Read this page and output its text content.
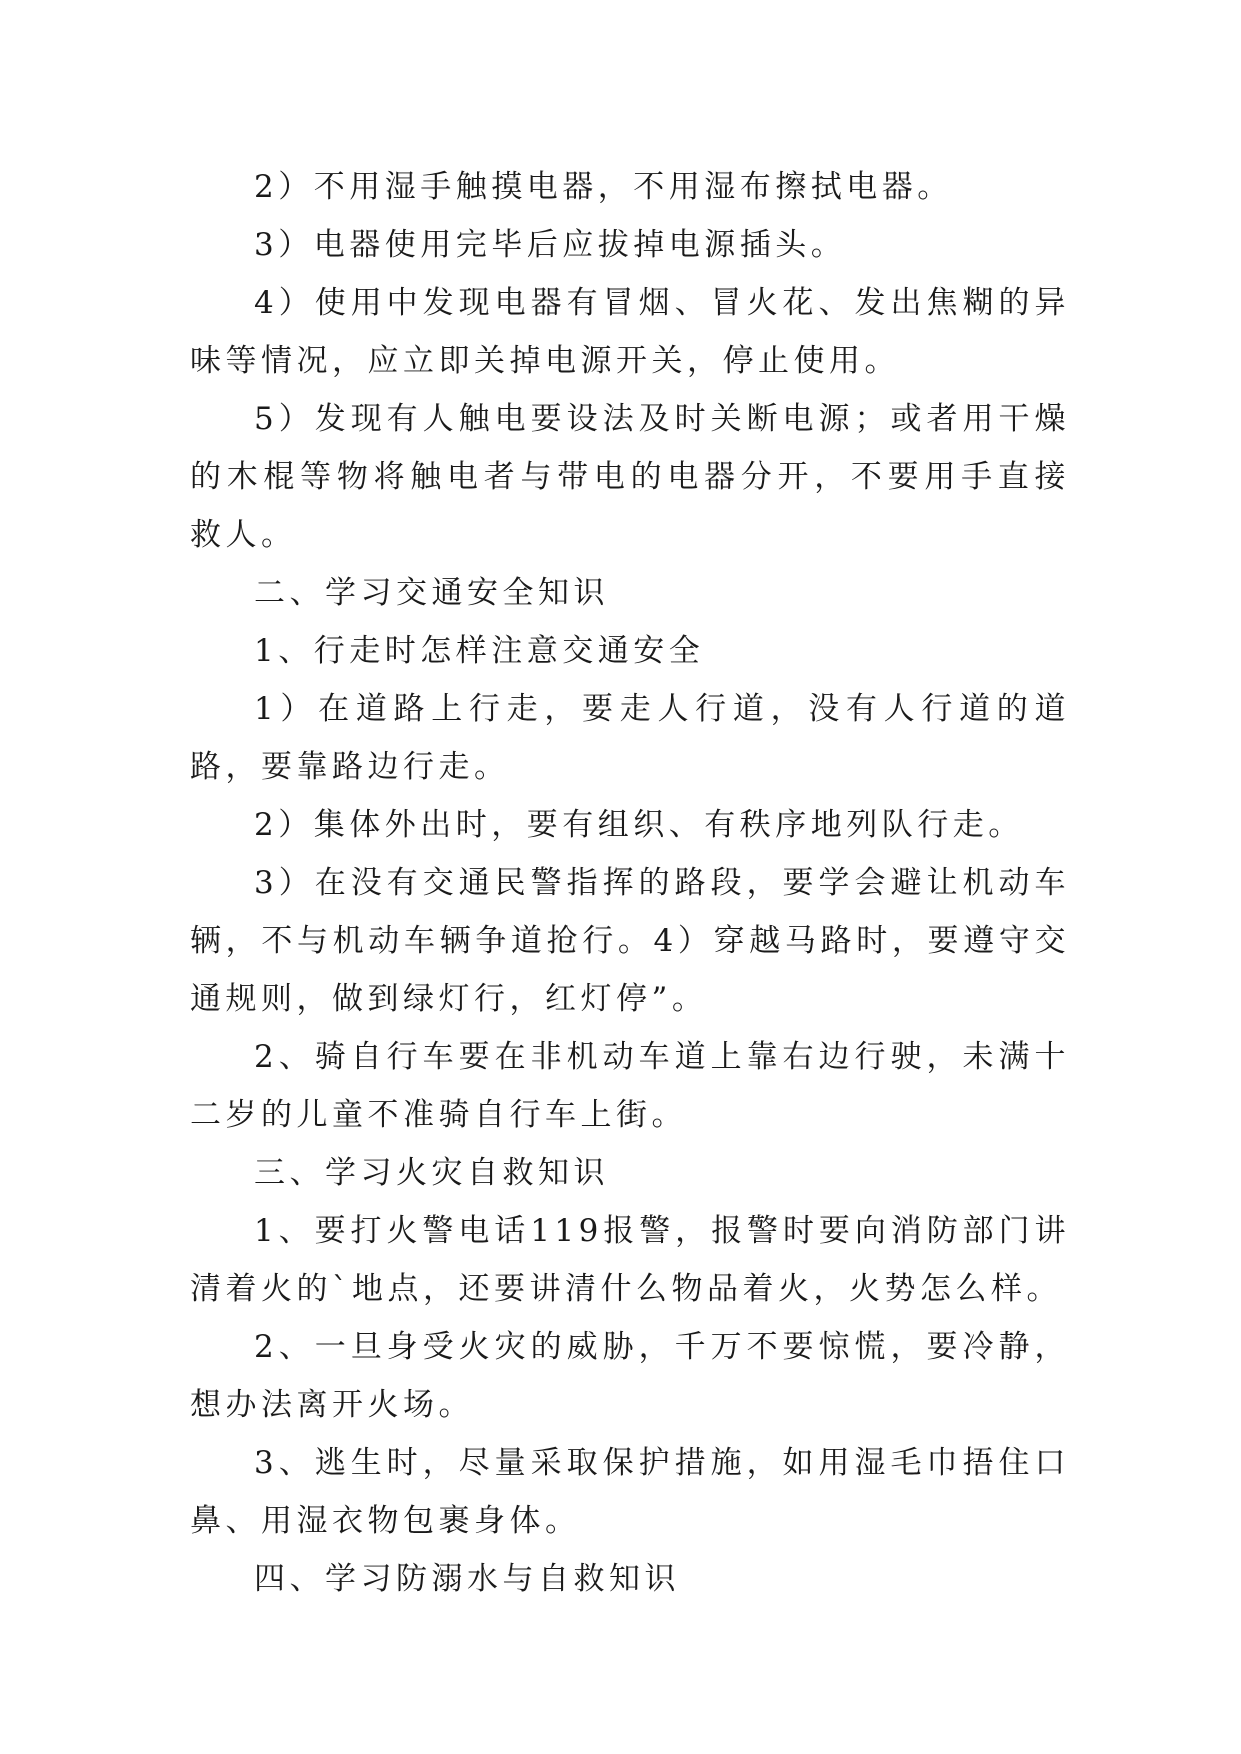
2）不用湿手触摸电器，不用湿布擦拭电器。

3）电器使用完毕后应拔掉电源插头。

4）使用中发现电器有冒烟、冒火花、发出焦糊的异味等情况，应立即关掉电源开关，停止使用。

5）发现有人触电要设法及时关断电源；或者用干燥的木棍等物将触电者与带电的电器分开，不要用手直接救人。

二、学习交通安全知识

1、行走时怎样注意交通安全

1）在道路上行走，要走人行道，没有人行道的道路，要靠路边行走。

2）集体外出时，要有组织、有秩序地列队行走。

3）在没有交通民警指挥的路段，要学会避让机动车辆，不与机动车辆争道抢行。4）穿越马路时，要遵守交通规则，做到绿灯行，红灯停”。

2、骑自行车要在非机动车道上靠右边行驶，未满十二岁的儿童不准骑自行车上街。

三、学习火灾自救知识

1、要打火警电话119报警，报警时要向消防部门讲清着火的`地点，还要讲清什么物品着火，火势怎么样。

2、一旦身受火灾的威胁，千万不要惊慌，要冷静，想办法离开火场。

3、逃生时，尽量采取保护措施，如用湿毛巾捂住口鼻、用湿衣物包裹身体。

四、学习防溺水与自救知识
